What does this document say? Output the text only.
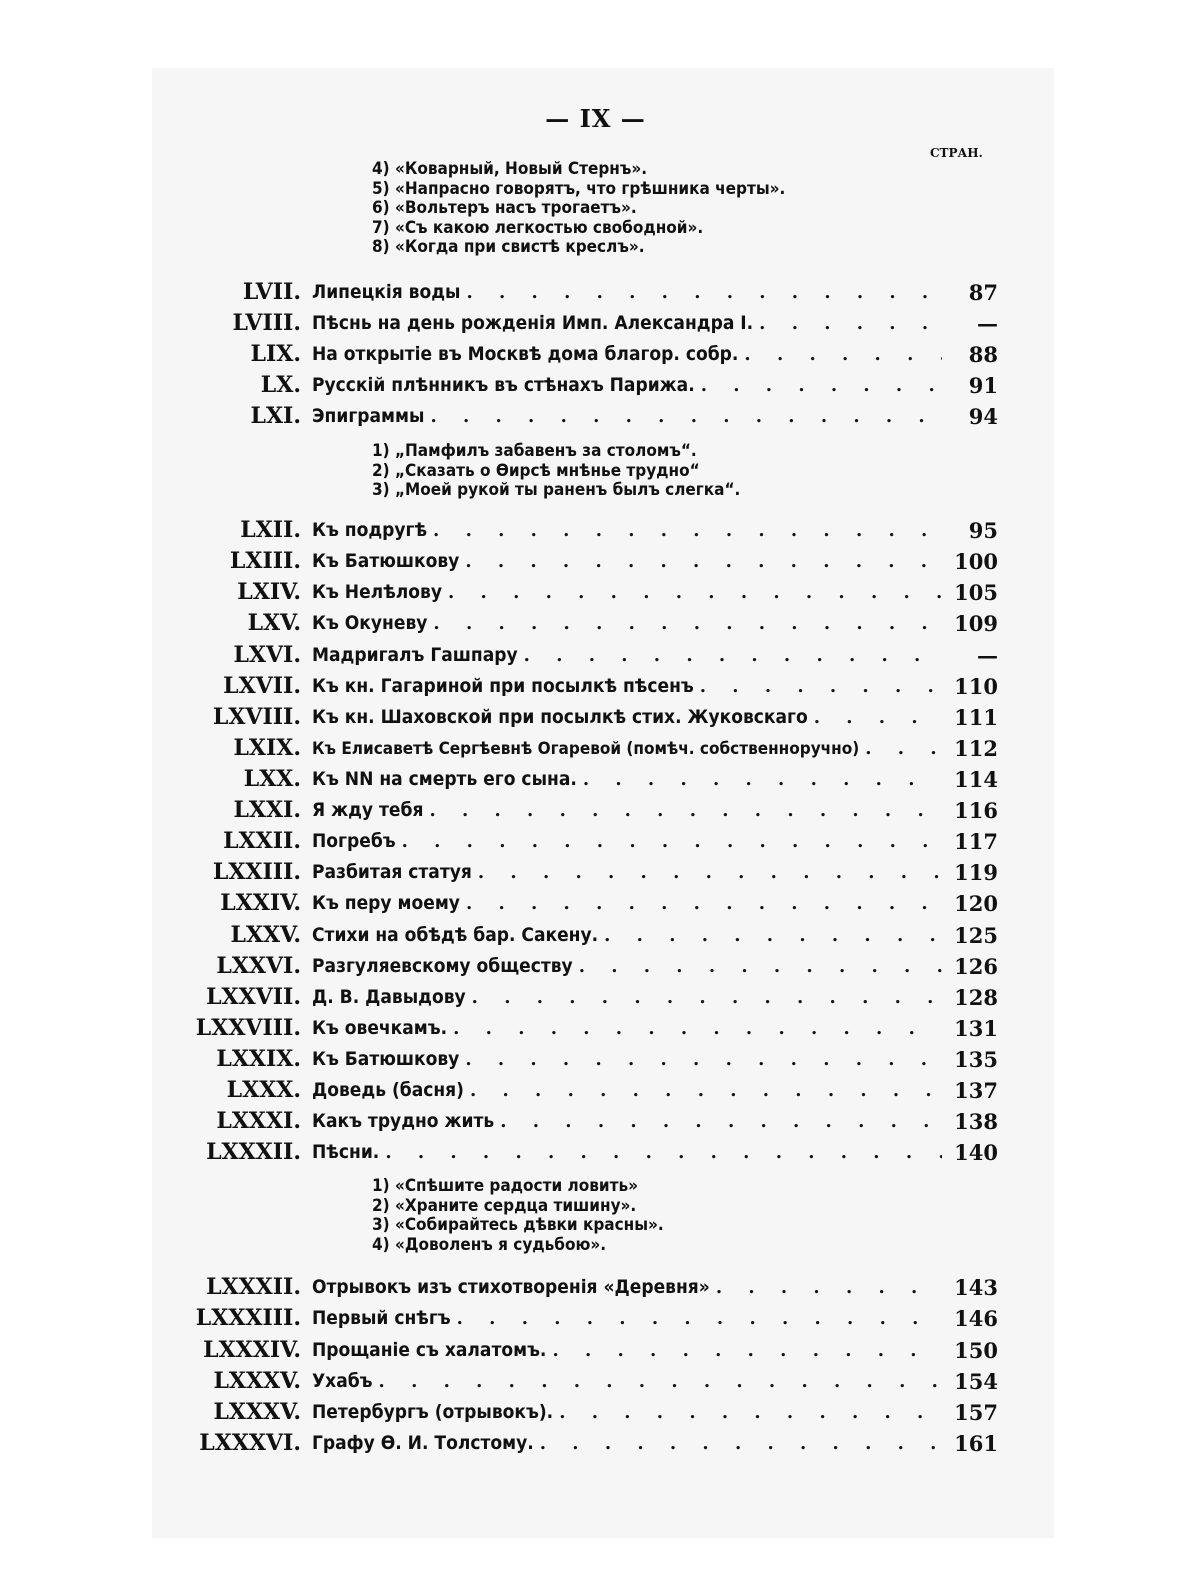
— IX —
СТРАН.
4) «Коварный, Новый Стернъ».
5) «Напрасно говорятъ, что грѣшника черты».
6) «Вольтеръ насъ трогаетъ».
7) «Съ какою легкостью свободной».
8) «Когда при свистѣ креслъ».
1) „Памфилъ забавенъ за столомъ“.
2) „Сказать о Ѳирсѣ мнѣнье трудно“
3) „Моей рукой ты раненъ былъ слегка“.
1) «Спѣшите радости ловить»
2) «Храните сердца тишину».
3) «Собирайтесь дѣвки красны».
4) «Доволенъ я судьбою».
LVII. Липецкія воды . . .	87
LVIII. Пѣснь на день рожденія Имп. Александра I. . . .	—
LIX. На открытіе въ Москвѣ дома благор. собр. . . .	88
LX. Русскій плѣнникъ въ стѣнахъ Парижа. . . .	91
LXI. Эпиграммы . . .	94
LXII. Къ подругѣ . . .	95
LXIII. Къ Батюшкову . . .	100
LXIV. Къ Нелѣлову . . .	105
LXV. Къ Окуневу . . .	109
LXVI. Мадригалъ Гашпару . . .	—
LXVII. Къ кн. Гагариной при посылкѣ пѣсенъ . . .	110
LXVIII. Къ кн. Шаховской при посылкѣ стих. Жуковскаго . . .	111
LXIX. Къ Елисаветѣ Сергѣевнѣ Огаревой (помѣч. собственноручно) . . .	112
LXX. Къ NN на смерть его сына. . . .	114
LXXI. Я жду тебя . . .	116
LXXII. Погребъ . . .	117
LXXIII. Разбитая статуя . . .	119
LXXIV. Къ перу моему . . .	120
LXXV. Стихи на обѣдѣ бар. Сакену. . . .	125
LXXVI. Разгуляевскому обществу . . .	126
LXXVII. Д. В. Давыдову . . .	128
LXXVIII. Къ овечкамъ. . . .	131
LXXIX. Къ Батюшкову . . .	135
LXXX. Доведь (басня) . . .	137
LXXXI. Какъ трудно жить . . .	138
LXXXII. Пѣсни. . . .	140
LXXXII. Отрывокъ изъ стихотворенія «Деревня» . . .	143
LXXXIII. Первый снѣгъ . . .	146
LXXXIV. Прощаніе съ халатомъ. . . .	150
LXXXV. Ухабъ . . .	154
LXXXV. Петербургъ (отрывокъ). . . .	157
LXXXVI. Графу Ѳ. И. Толстому. . . .	161
